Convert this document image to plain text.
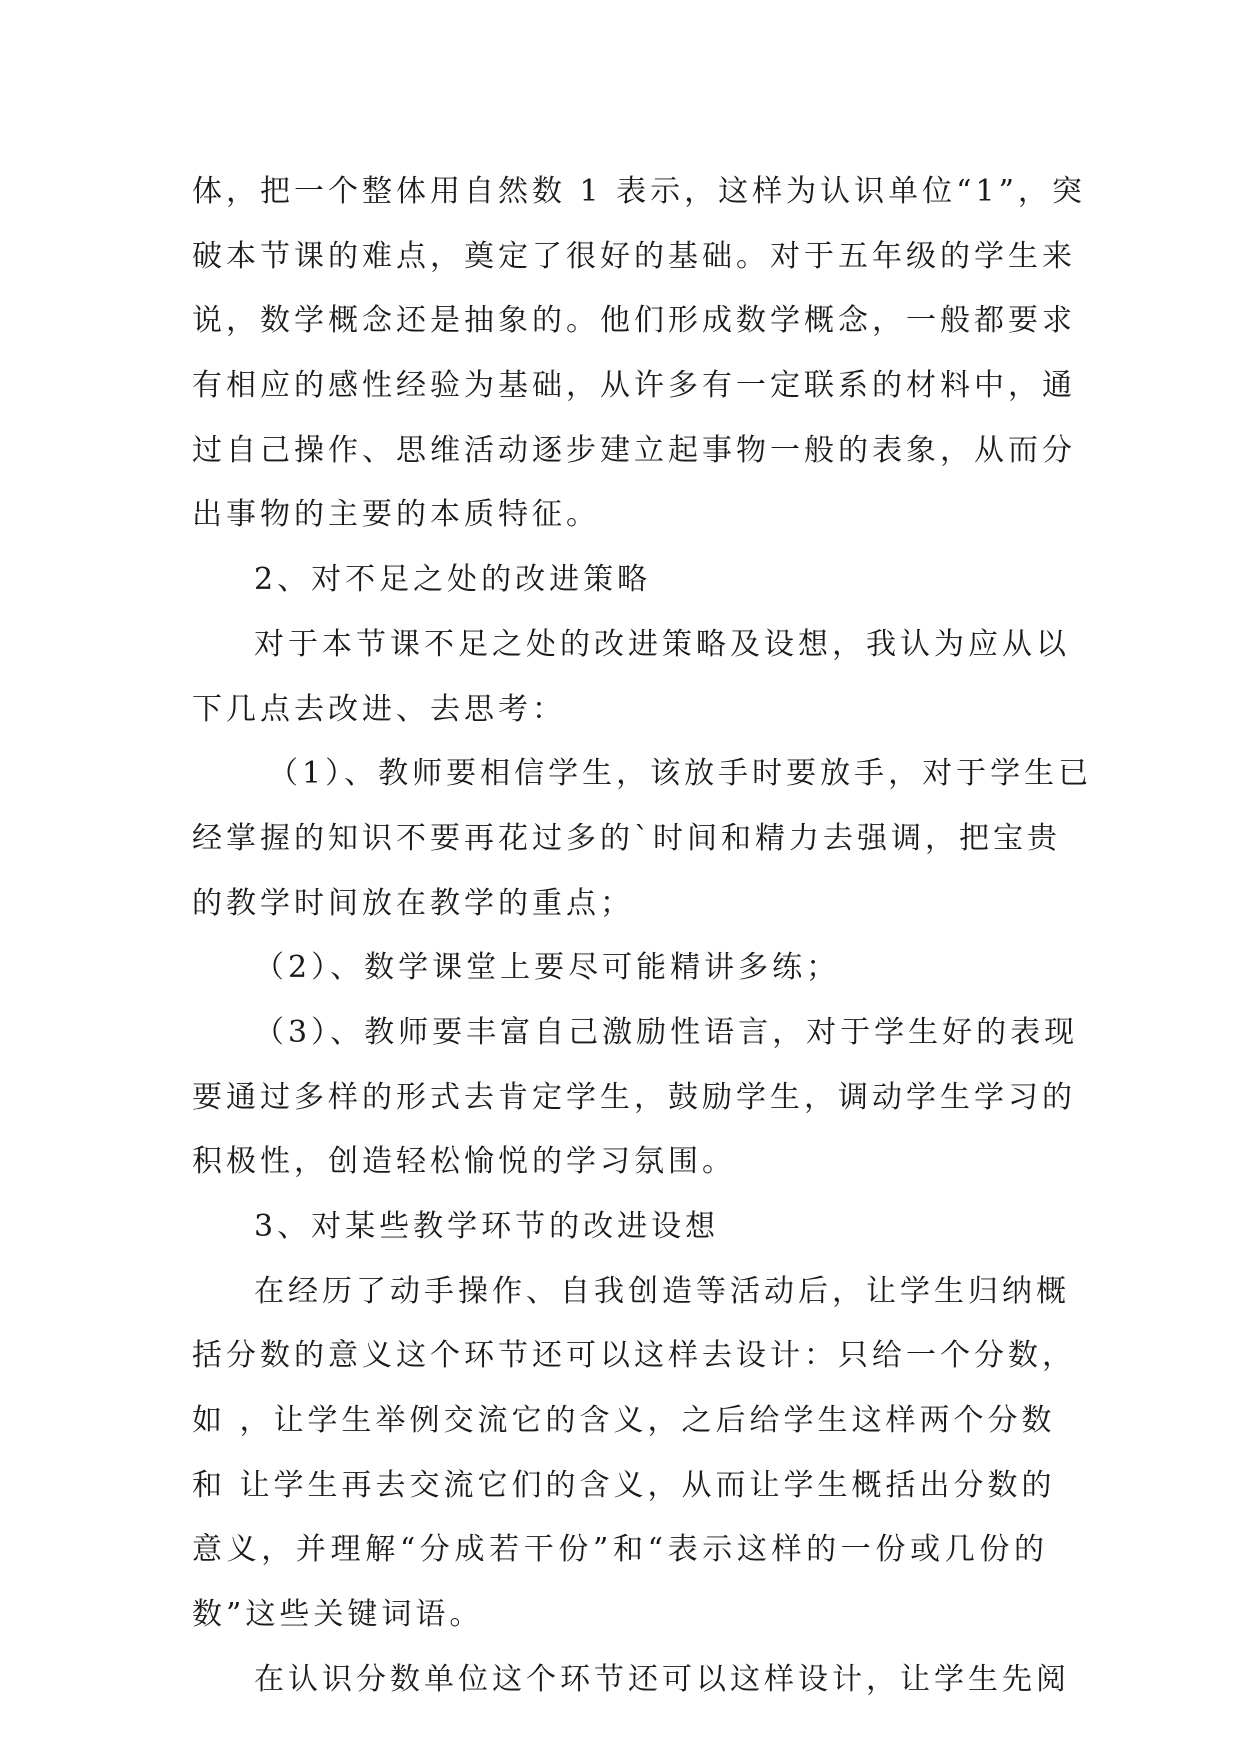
体，把一个整体用自然数 1 表示，这样为认识单位“1”，突
破本节课的难点，奠定了很好的基础。对于五年级的学生来
说，数学概念还是抽象的。他们形成数学概念，一般都要求
有相应的感性经验为基础，从许多有一定联系的材料中，通
过自己操作、思维活动逐步建立起事物一般的表象，从而分
出事物的主要的本质特征。
2、对不足之处的改进策略
对于本节课不足之处的改进策略及设想，我认为应从以
下几点去改进、去思考：
（1）、教师要相信学生，该放手时要放手，对于学生已
经掌握的知识不要再花过多的`时间和精力去强调，把宝贵
的教学时间放在教学的重点；
（2）、数学课堂上要尽可能精讲多练；
（3）、教师要丰富自己激励性语言，对于学生好的表现
要通过多样的形式去肯定学生，鼓励学生，调动学生学习的
积极性，创造轻松愉悦的学习氛围。
3、对某些教学环节的改进设想
在经历了动手操作、自我创造等活动后，让学生归纳概
括分数的意义这个环节还可以这样去设计：只给一个分数，
如 ，让学生举例交流它的含义，之后给学生这样两个分数
和 让学生再去交流它们的含义，从而让学生概括出分数的
意义，并理解“分成若干份”和“表示这样的一份或几份的
数”这些关键词语。
在认识分数单位这个环节还可以这样设计，让学生先阅
